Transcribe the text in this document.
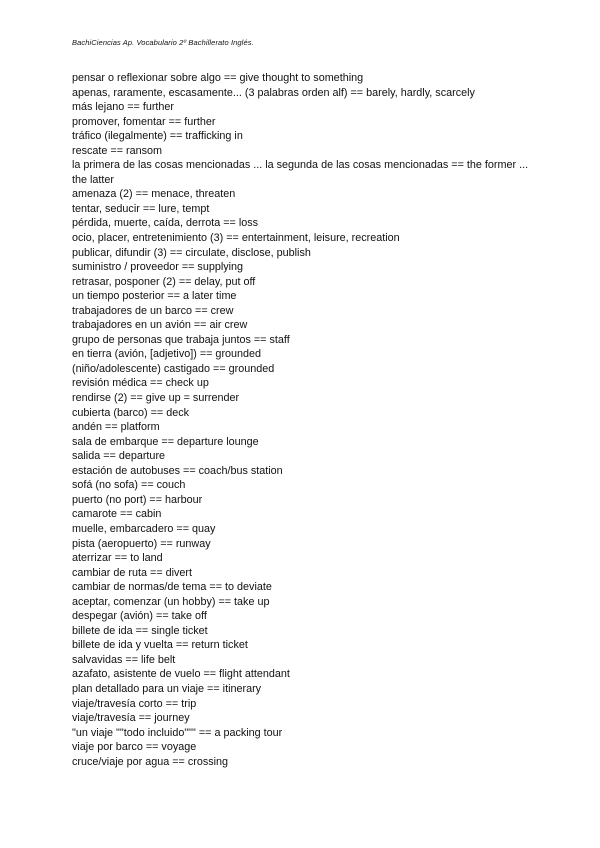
BachiCiencias Ap. Vocabulario 2º Bachillerato Inglés.
pensar o reflexionar sobre algo == give thought to something
apenas, raramente, escasamente... (3 palabras orden alf) == barely, hardly, scarcely
más lejano == further
promover, fomentar == further
tráfico (ilegalmente) == trafficking in
rescate == ransom
la primera de las cosas mencionadas ... la segunda de las cosas mencionadas == the former ... the latter
amenaza (2) == menace, threaten
tentar, seducir == lure, tempt
pérdida, muerte, caída, derrota == loss
ocio, placer, entretenimiento (3) == entertainment, leisure, recreation
publicar, difundir (3) == circulate, disclose, publish
suministro / proveedor == supplying
retrasar, posponer (2) == delay, put off
un tiempo posterior == a later time
trabajadores de un barco == crew
trabajadores en un avión == air crew
grupo de personas que trabaja juntos == staff
en tierra (avión, [adjetivo]) == grounded
(niño/adolescente) castigado == grounded
revisión médica == check up
rendirse (2) == give up = surrender
cubierta (barco) == deck
andén == platform
sala de embarque == departure lounge
salida == departure
estación de autobuses == coach/bus station
sofá (no sofa) == couch
puerto (no port) == harbour
camarote == cabin
muelle, embarcadero == quay
pista (aeropuerto) == runway
aterrizar == to land
cambiar de ruta == divert
cambiar de normas/de tema == to deviate
aceptar, comenzar (un hobby) == take up
despegar (avión) == take off
billete de ida == single ticket
billete de ida y vuelta == return ticket
salvavidas == life belt
azafato, asistente de vuelo == flight attendant
plan detallado para un viaje == itinerary
viaje/travesía corto == trip
viaje/travesía == journey
"un viaje ""todo incluido""" == a packing tour
viaje por barco == voyage
cruce/viaje por agua == crossing
